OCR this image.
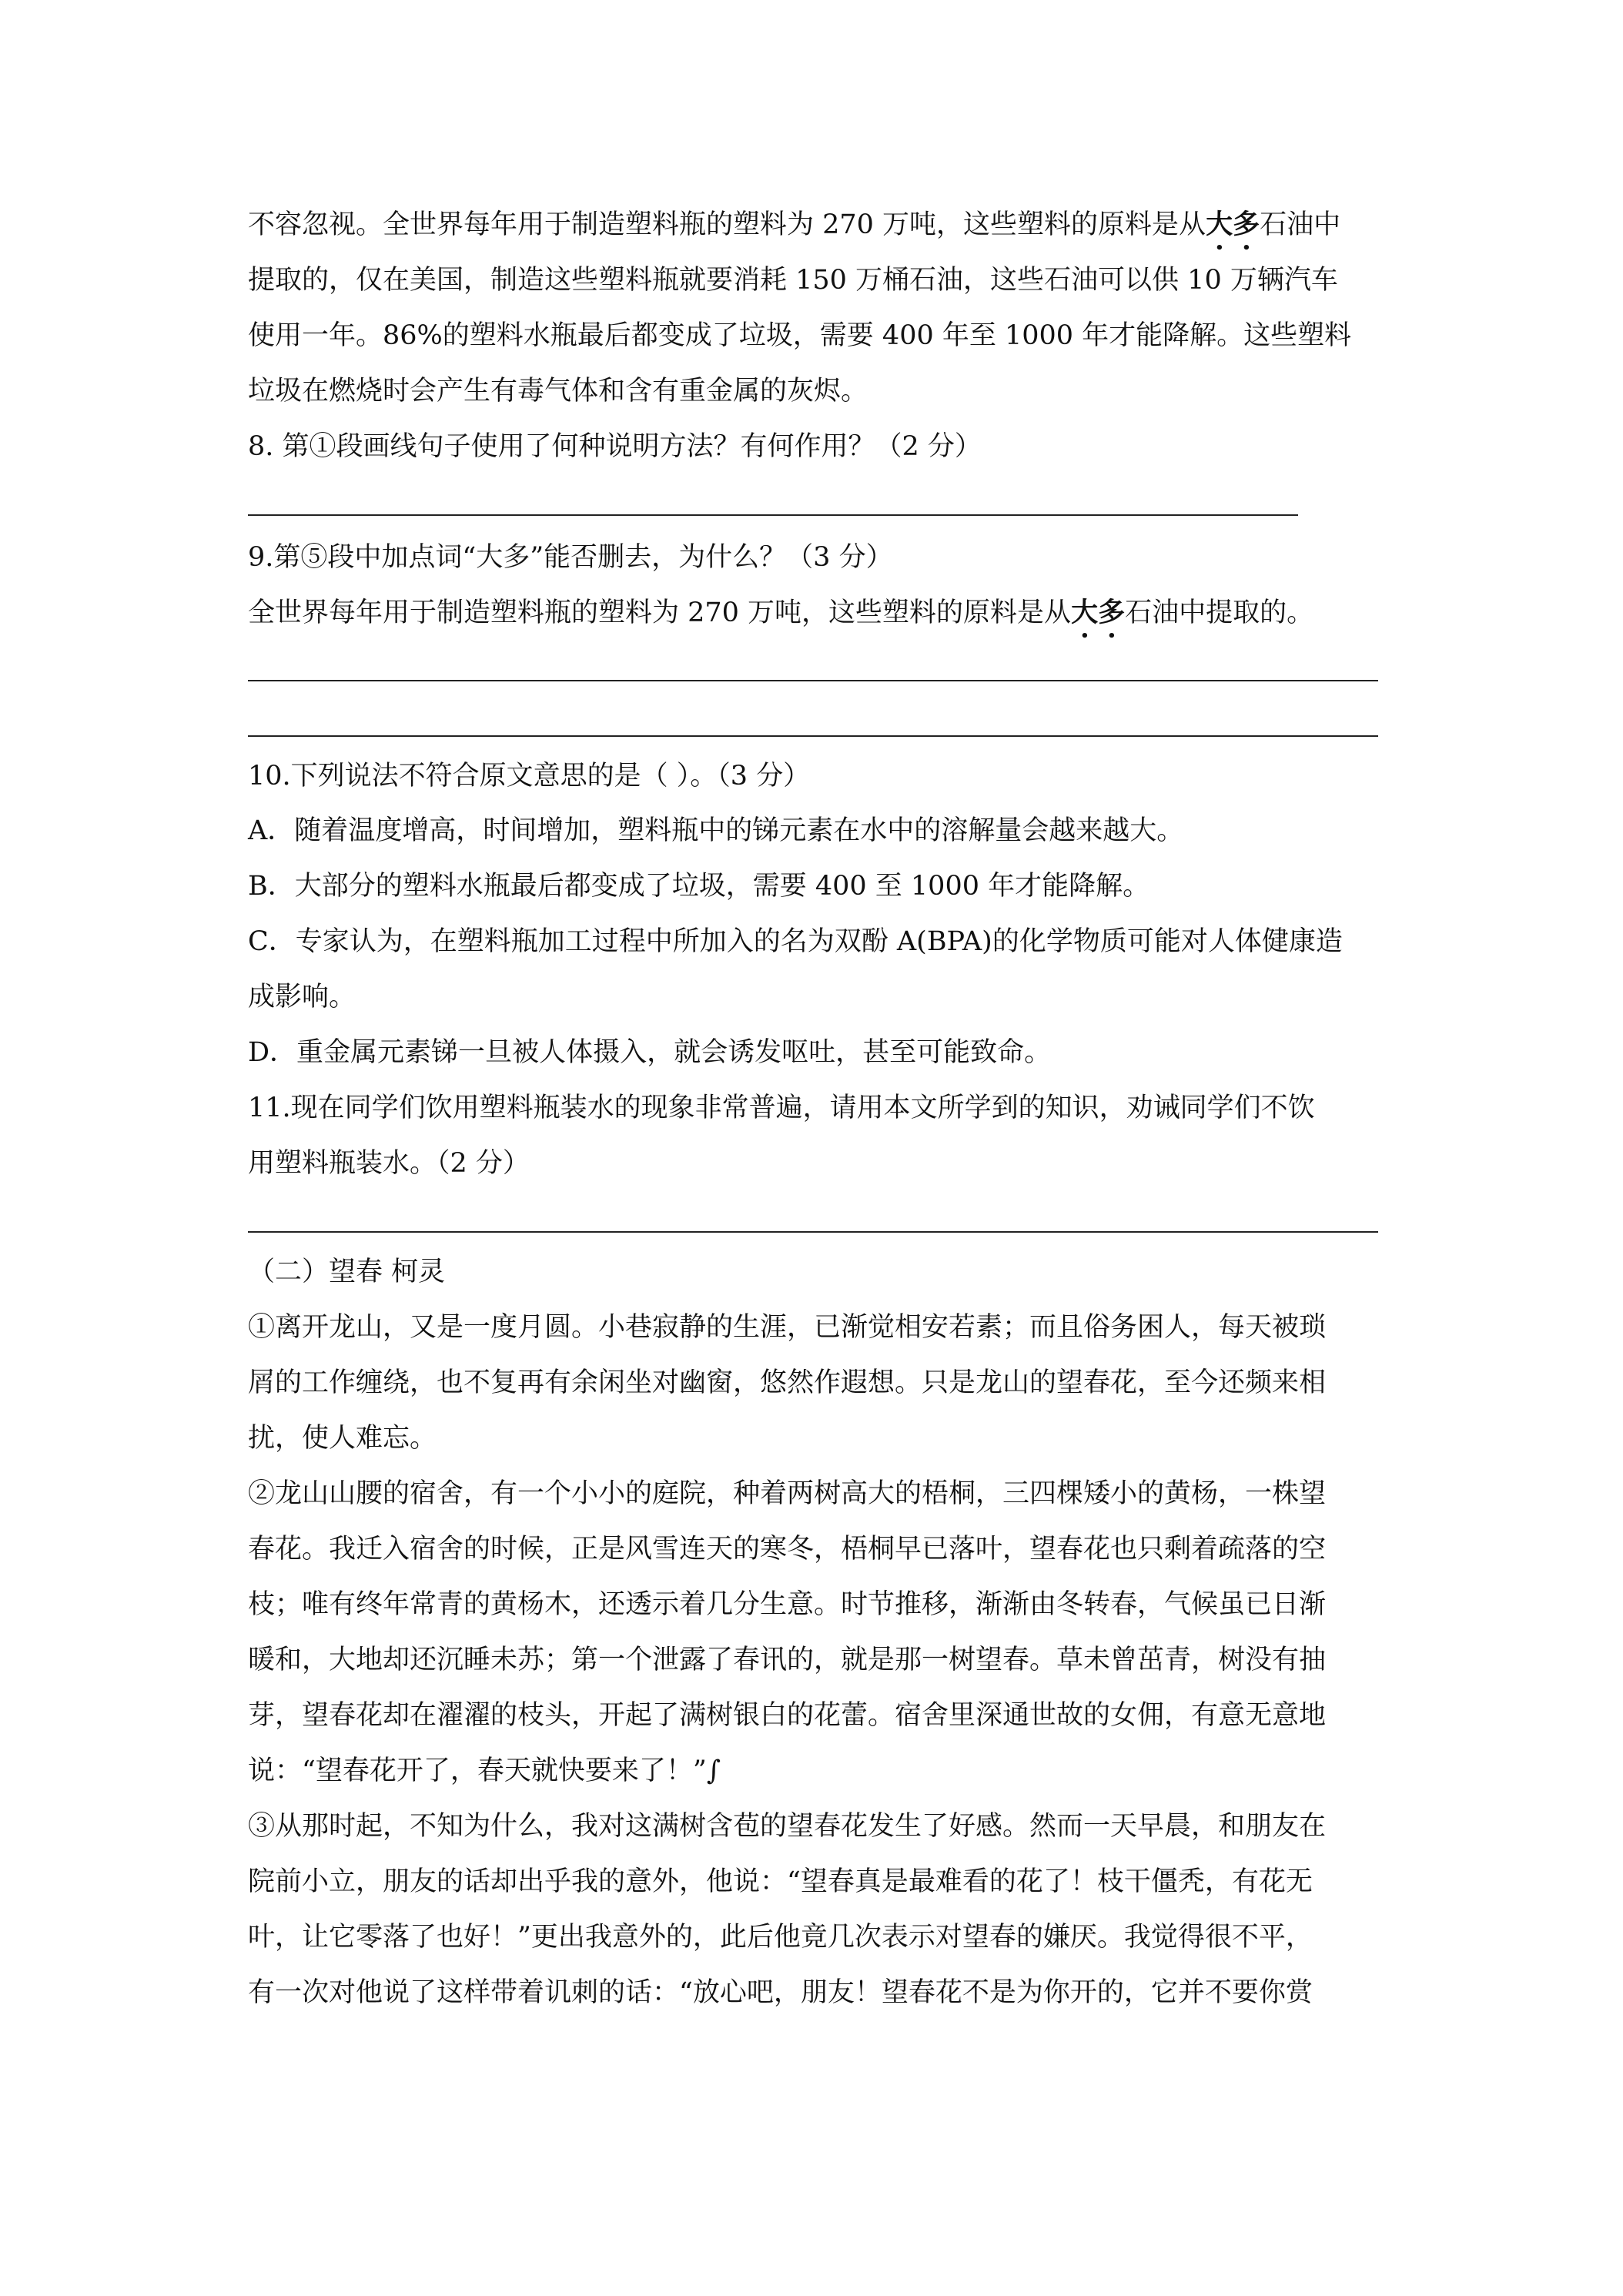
不容忽视。全世界每年用于制造塑料瓶的塑料为 270 万吨，这些塑料的原料是从大多石油中
提取的，仅在美国，制造这些塑料瓶就要消耗 150 万桶石油，这些石油可以供 10 万辆汽车
使用一年。86%的塑料水瓶最后都变成了垃圾，需要 400 年至 1000 年才能降解。这些塑料
垃圾在燃烧时会产生有毒气体和含有重金属的灰烬。
8. 第①段画线句子使用了何种说明方法？有何作用？（2 分）
9.第⑤段中加点词“大多”能否删去，为什么？（3 分）
全世界每年用于制造塑料瓶的塑料为 270 万吨，这些塑料的原料是从大多石油中提取的。
10.下列说法不符合原文意思的是（ ）。（3 分）
A．随着温度增高，时间增加，塑料瓶中的锑元素在水中的溶解量会越来越大。
B．大部分的塑料水瓶最后都变成了垃圾，需要 400 至 1000 年才能降解。
C．专家认为，在塑料瓶加工过程中所加入的名为双酚 A(BPA)的化学物质可能对人体健康造
成影响。
D．重金属元素锑一旦被人体摄入，就会诱发呕吐，甚至可能致命。
11.现在同学们饮用塑料瓶装水的现象非常普遍，请用本文所学到的知识，劝诫同学们不饮
用塑料瓶装水。（2 分）
（二）望春 柯灵
①离开龙山，又是一度月圆。小巷寂静的生涯，已渐觉相安若素；而且俗务困人，每天被琐
屑的工作缠绕，也不复再有余闲坐对幽窗，悠然作遐想。只是龙山的望春花，至今还频来相
扰，使人难忘。
②龙山山腰的宿舍，有一个小小的庭院，种着两树高大的梧桐，三四棵矮小的黄杨，一株望
春花。我迁入宿舍的时候，正是风雪连天的寒冬，梧桐早已落叶，望春花也只剩着疏落的空
枝；唯有终年常青的黄杨木，还透示着几分生意。时节推移，渐渐由冬转春，气候虽已日渐
暖和，大地却还沉睡未苏；第一个泄露了春讯的，就是那一树望春。草未曾茁青，树没有抽
芽，望春花却在濯濯的枝头，开起了满树银白的花蕾。宿舍里深通世故的女佣，有意无意地
说：“望春花开了，春天就快要来了！”∫
③从那时起，不知为什么，我对这满树含苞的望春花发生了好感。然而一天早晨，和朋友在
院前小立，朋友的话却出乎我的意外，他说：“望春真是最难看的花了！枝干僵秃，有花无
叶，让它零落了也好！”更出我意外的，此后他竟几次表示对望春的嫌厌。我觉得很不平，
有一次对他说了这样带着讥刺的话：“放心吧，朋友！望春花不是为你开的，它并不要你赏
